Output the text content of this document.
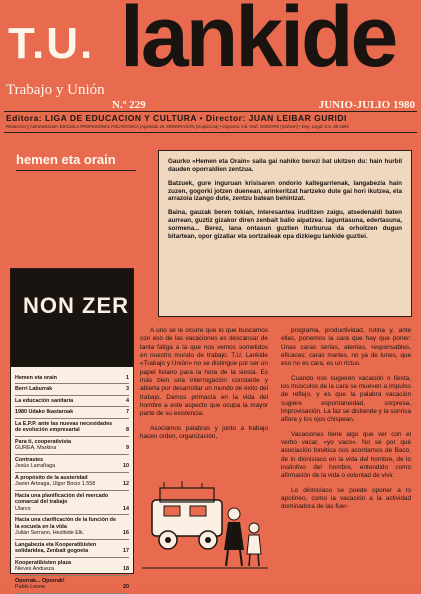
T.U.
Trabajo y Unión
lankide
N.º 229	JUNIO-JULIO 1980
Editora: LIGA DE EDUCACION Y CULTURA • Director: JUAN LEIBAR GURIDI
Redacción y Administración: ESCUELA PROFESIONAL POLITECNICA (Apartado 23, MONDRAGON (Guipúzcoa) • Imprenta: Ind. Graf. GOIKOPE (Goiherri) • Dep. Legal: S.S. 80-1962
hemen eta orain	Gaurko «Hemen eta Orain» saila gai nahiko berezi bat ukitzen du: hain hurbil dauden oporraldien zentzua.

Batzuek, gure inguruan krisisaren ondorio kaltegarrienak, langabezia hain zuzen, gogorki jotzen duenean, arinkeritzat hartzeko dute gai hori ikutzea, eta arrazoia izango dute, zentzu batean behintzat.

Baina, gauzak beren tokian, interesantea iruditzen zaigu, atsedenaldi baten aurrean, guztiz gizakor diren zenbait balio aipatzea: laguntasuna, edertasuna, sormena... Berez, lana ontasun guztien iturburua da orhoitzen dugun bitartean, opor gizatiar eta sortzaileak opa dizkiegu lankide guztiei.

NON ZER
Hemen eta orain	1
Berri Laburrak	3
La educación sanitaria	4
1980 Udako Ikastaroak	7
La E.P.P. ante las nuevas necesidades de evolución empresarial	8
Para ti, cooperativista
GUREA, Markina	9
Contrastes
Jesús Larrañaga	10
A propósito de la austeridad
Javier Arteaga, Ulgor Bocio 1.558	12
Hacia una planificación del mercado comarcal del trabajo
Ularco	14
Hacia una clarificación de la función de la escuela en la vida
Julián Serrano, Hezibide Elk.	16
Langabezia eta Kooperatibisten solidaridea, Zenbait gogoeta	17
Kooperatibisten plaza
Nieves Andueza	18
Oporrak... Oporrak!
Pablo Leone	20

A uno se le ocurre que lo que buscamos con eso de las vacaciones es descansar de tanta fatiga a la que nos vemos sometidos en nuestro mundo de trabajo. T.U. Lankide «Trabajo y Unión» no se distingue por ser un papel liviano para la hora de la siesta. Es más bien una interrogación constante y abierta por desarrollar un mundo de éxito del trabajo. Damos primacía en la vida del hombre a este aspecto que ocupa la mayor parte de su existencia.

Asociamos palabras y junto a trabajo hacen orden, organización,

programa, productividad, rutina y, ante ellas, ponemos la cara que hay que poner: Unas caras serias, atentas, responsables, eficaces; caras martes, no ya de lunes, que eso no es cara, es un rictus.

Cuando nos sugieren vacación o fiesta, los músculos de la cara se mueven a impulso de reflejo, y es que la palabra vacación sugiere espontaneidad, sorpresa, improvisación. La faz se distiende y la sonrisa aflora y los ojos chispean.

Vacaciones tiene algo que ver con el verbo vacar, «yo vaco». No sé por qué asociación fonética nos acordamos de Baco, de lo dionisíaco en la vida del hombre, de lo instintivo del hombre, entendido como afirmación de la vida o voluntad de vivir.

Lo dionisíaco se puede oponer a lo apolíneo, como la vacación a la actividad dominadora de las fuer-
